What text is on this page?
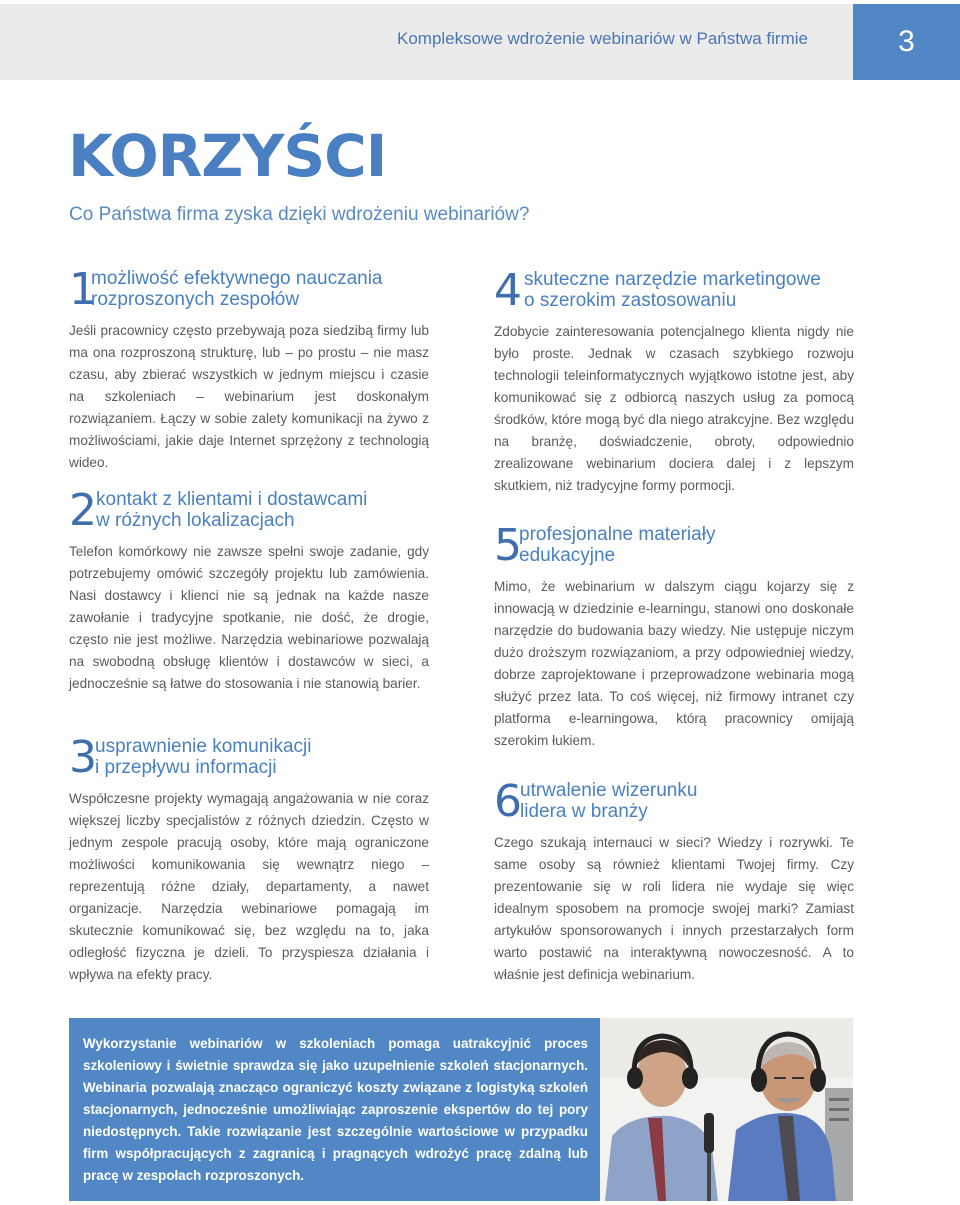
Kompleksowe wdrożenie webinariów w Państwa firmie	3
KORZYŚCI
Co Państwa firma zyska dzięki wdrożeniu webinariów?
1
możliwość efektywnego nauczania
rozproszonych zespołów

Jeśli pracownicy często przebywają poza siedzibą firmy lub ma ona rozproszoną strukturę, lub – po prostu – nie masz czasu, aby zbierać wszystkich w jednym miejscu i czasie na szkoleniach – webinarium jest doskonałym rozwiązaniem. Łączy w sobie zalety komunikacji na żywo z możliwościami, jakie daje Internet sprzężony z technologią wideo.

2 kontakt z klientami i dostawcami
w różnych lokalizacjach

Telefon komórkowy nie zawsze spełni swoje zadanie, gdy potrzebujemy omówić szczegóły projektu lub zamówienia. Nasi dostawcy i klienci nie są jednak na każde nasze zawołanie i tradycyjne spotkanie, nie dość, że drogie, często nie jest możliwe. Narzędzia webinariowe pozwalają na swobodną obsługę klientów i dostawców w sieci, a jednocześnie są łatwe do stosowania i nie stanowią barier.

3
usprawnienie komunikacji
i przepływu informacji

Współczesne projekty wymagają angażowania w nie coraz większej liczby specjalistów z różnych dziedzin. Często w jednym zespole pracują osoby, które mają ograniczone możliwości komunikowania się wewnątrz niego – reprezentują różne działy, departamenty, a nawet organizacje. Narzędzia webinariowe pomagają im skutecznie komunikować się, bez względu na to, jaka odległość fizyczna je dzieli. To przyspiesza działania i wpływa na efekty pracy.

4 skuteczne narzędzie marketingowe
o szerokim zastosowaniu

Zdobycie zainteresowania potencjalnego klienta nigdy nie było proste. Jednak w czasach szybkiego rozwoju technologii teleinformatycznych wyjątkowo istotne jest, aby komunikować się z odbiorcą naszych usług za pomocą środków, które mogą być dla niego atrakcyjne. Bez względu na branżę, doświadczenie, obroty, odpowiednio zrealizowane webinarium dociera dalej i z lepszym skutkiem, niż tradycyjne formy pormocji.

5
profesjonalne materiały
edukacyjne

Mimo, że webinarium w dalszym ciągu kojarzy się z innowacją w dziedzinie e-learningu, stanowi ono doskonałe narzędzie do budowania bazy wiedzy. Nie ustępuje niczym dużo droższym rozwiązaniom, a przy odpowiedniej wiedzy, dobrze zaprojektowane i przeprowadzone webinaria mogą służyć przez lata. To coś więcej, niż firmowy intranet czy platforma e-learningowa, którą pracownicy omijają szerokim łukiem.

6
utrwalenie wizerunku
lidera w branży

Czego szukają internauci w sieci? Wiedzy i rozrywki. Te same osoby są również klientami Twojej firmy. Czy prezentowanie się w roli lidera nie wydaje się więc idealnym sposobem na promocje swojej marki? Zamiast artykułów sponsorowanych i innych przestarzałych form warto postawić na interaktywną nowoczesność. A to właśnie jest definicja webinarium.

Wykorzystanie webinariów w szkoleniach pomaga uatrakcyjnić proces szkoleniowy i świetnie sprawdza się jako uzupełnienie szkoleń stacjonarnych. Webinaria pozwalają znacząco ograniczyć koszty związane z logistyką szkoleń stacjonarnych, jednocześnie umożliwiając zaproszenie ekspertów do tej pory niedostępnych. Takie rozwiązanie jest szczególnie wartościowe w przypadku firm współpracujących z zagranicą i pragnących wdrożyć pracę zdalną lub pracę w zespołach rozproszonych.
